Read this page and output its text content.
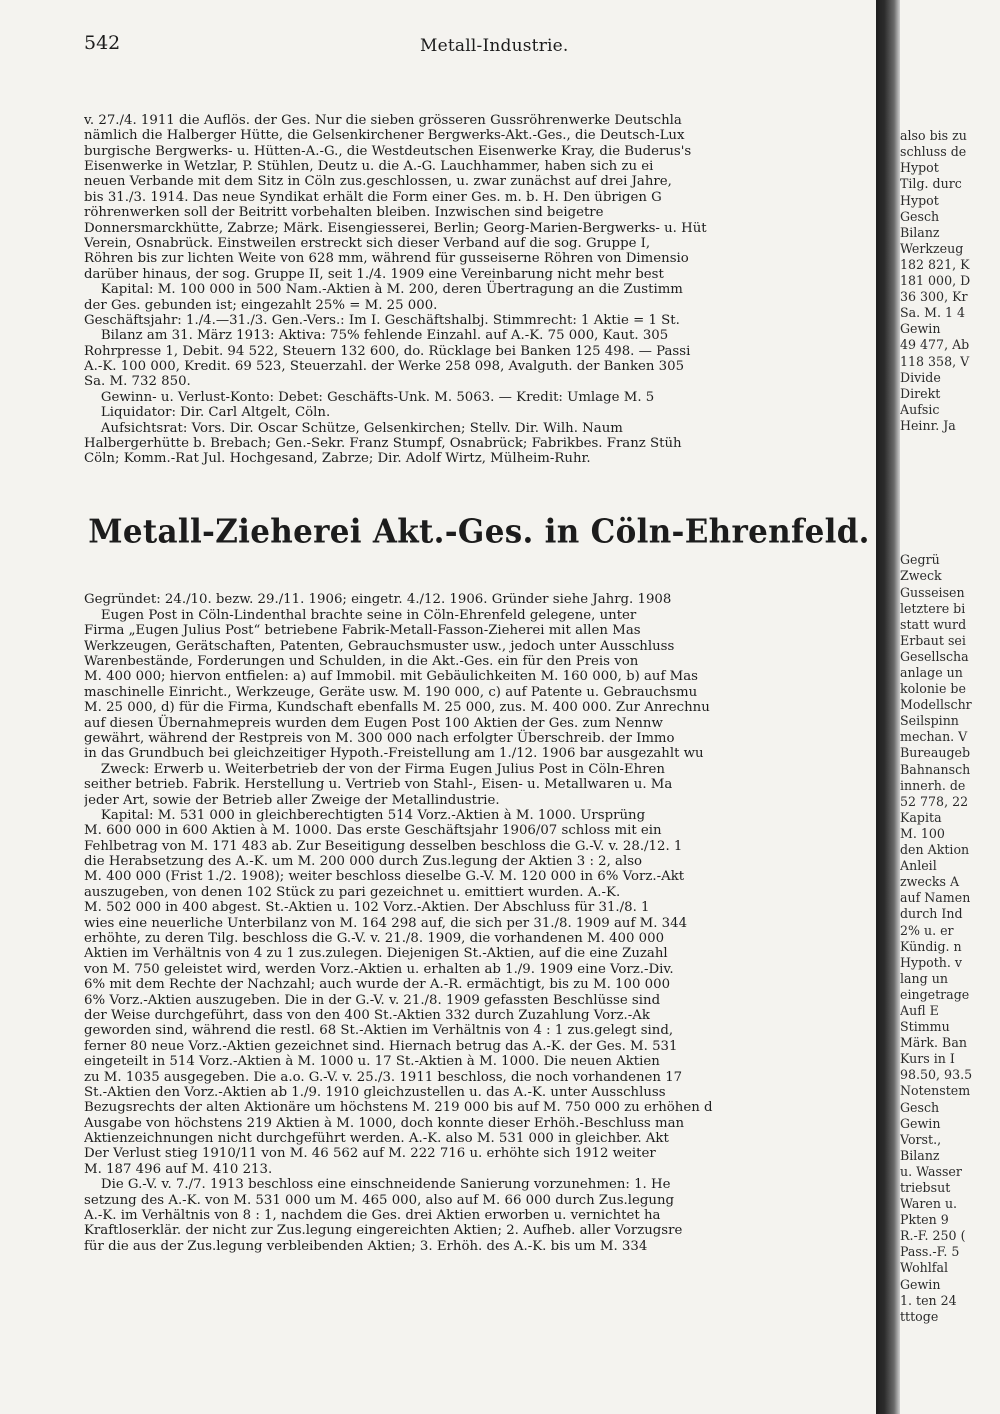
542	Metall-Industrie.

v. 27./4. 1911 die Auflös. der Ges. Nur die sieben grösseren Gussröhrenwerke Deutschla
nämlich die Halberger Hütte, die Gelsenkirchener Bergwerks-Akt.-Ges., die Deutsch-Lux
burgische Bergwerks- u. Hütten-A.-G., die Westdeutschen Eisenwerke Kray, die Buderus's
Eisenwerke in Wetzlar, P. Stühlen, Deutz u. die A.-G. Lauchhammer, haben sich zu ei
neuen Verbande mit dem Sitz in Cöln zus.geschlossen, u. zwar zunächst auf drei Jahre,
bis 31./3. 1914. Das neue Syndikat erhält die Form einer Ges. m. b. H. Den übrigen G
röhrenwerken soll der Beitritt vorbehalten bleiben. Inzwischen sind beigetre
Donnersmarckhütte, Zabrze; Märk. Eisengiesserei, Berlin; Georg-Marien-Bergwerks- u. Hüt
Verein, Osnabrück. Einstweilen erstreckt sich dieser Verband auf die sog. Gruppe I,
Röhren bis zur lichten Weite von 628 mm, während für gusseiserne Röhren von Dimensio
darüber hinaus, der sog. Gruppe II, seit 1./4. 1909 eine Vereinbarung nicht mehr best
Kapital: M. 100 000 in 500 Nam.-Aktien à M. 200, deren Übertragung an die Zustimm
der Ges. gebunden ist; eingezahlt 25% = M. 25 000.
Geschäftsjahr: 1./4.—31./3. Gen.-Vers.: Im I. Geschäftshalbj. Stimmrecht: 1 Aktie = 1 St.
Bilanz am 31. März 1913: Aktiva: 75% fehlende Einzahl. auf A.-K. 75 000, Kaut. 305
Rohrpresse 1, Debit. 94 522, Steuern 132 600, do. Rücklage bei Banken 125 498. — Passi
A.-K. 100 000, Kredit. 69 523, Steuerzahl. der Werke 258 098, Avalguth. der Banken 305
Sa. M. 732 850.
Gewinn- u. Verlust-Konto: Debet: Geschäfts-Unk. M. 5063. — Kredit: Umlage M. 5
Liquidator: Dir. Carl Altgelt, Cöln.
Aufsichtsrat: Vors. Dir. Oscar Schütze, Gelsenkirchen; Stellv. Dir. Wilh. Naum
Halbergerhütte b. Brebach; Gen.-Sekr. Franz Stumpf, Osnabrück; Fabrikbes. Franz Stüh
Cöln; Komm.-Rat Jul. Hochgesand, Zabrze; Dir. Adolf Wirtz, Mülheim-Ruhr.

Metall-Zieherei Akt.-Ges. in Cöln-Ehrenfeld.

Gegründet: 24./10. bezw. 29./11. 1906; eingetr. 4./12. 1906. Gründer siehe Jahrg. 1908
Eugen Post in Cöln-Lindenthal brachte seine in Cöln-Ehrenfeld gelegene, unter
Firma „Eugen Julius Post“ betriebene Fabrik-Metall-Fasson-Zieherei mit allen Mas
Werkzeugen, Gerätschaften, Patenten, Gebrauchsmuster usw., jedoch unter Ausschluss
Warenbestände, Forderungen und Schulden, in die Akt.-Ges. ein für den Preis von
M. 400 000; hiervon entfielen: a) auf Immobil. mit Gebäulichkeiten M. 160 000, b) auf Mas
maschinelle Einricht., Werkzeuge, Geräte usw. M. 190 000, c) auf Patente u. Gebrauchsmu
M. 25 000, d) für die Firma, Kundschaft ebenfalls M. 25 000, zus. M. 400 000. Zur Anrechnu
auf diesen Übernahmepreis wurden dem Eugen Post 100 Aktien der Ges. zum Nennw
gewährt, während der Restpreis von M. 300 000 nach erfolgter Überschreib. der Immo
in das Grundbuch bei gleichzeitiger Hypoth.-Freistellung am 1./12. 1906 bar ausgezahlt wu
Zweck: Erwerb u. Weiterbetrieb der von der Firma Eugen Julius Post in Cöln-Ehren
seither betrieb. Fabrik. Herstellung u. Vertrieb von Stahl-, Eisen- u. Metallwaren u. Ma
jeder Art, sowie der Betrieb aller Zweige der Metallindustrie.
Kapital: M. 531 000 in gleichberechtigten 514 Vorz.-Aktien à M. 1000. Ursprüng
M. 600 000 in 600 Aktien à M. 1000. Das erste Geschäftsjahr 1906/07 schloss mit ein
Fehlbetrag von M. 171 483 ab. Zur Beseitigung desselben beschloss die G.-V. v. 28./12. 1
die Herabsetzung des A.-K. um M. 200 000 durch Zus.legung der Aktien 3 : 2, also
M. 400 000 (Frist 1./2. 1908); weiter beschloss dieselbe G.-V. M. 120 000 in 6% Vorz.-Akt
auszugeben, von denen 102 Stück zu pari gezeichnet u. emittiert wurden. A.-K.
M. 502 000 in 400 abgest. St.-Aktien u. 102 Vorz.-Aktien. Der Abschluss für 31./8. 1
wies eine neuerliche Unterbilanz von M. 164 298 auf, die sich per 31./8. 1909 auf M. 344
erhöhte, zu deren Tilg. beschloss die G.-V. v. 21./8. 1909, die vorhandenen M. 400 000
Aktien im Verhältnis von 4 zu 1 zus.zulegen. Diejenigen St.-Aktien, auf die eine Zuzahl
von M. 750 geleistet wird, werden Vorz.-Aktien u. erhalten ab 1./9. 1909 eine Vorz.-Div.
6% mit dem Rechte der Nachzahl; auch wurde der A.-R. ermächtigt, bis zu M. 100 000
6% Vorz.-Aktien auszugeben. Die in der G.-V. v. 21./8. 1909 gefassten Beschlüsse sind
der Weise durchgeführt, dass von den 400 St.-Aktien 332 durch Zuzahlung Vorz.-Ak
geworden sind, während die restl. 68 St.-Aktien im Verhältnis von 4 : 1 zus.gelegt sind,
ferner 80 neue Vorz.-Aktien gezeichnet sind. Hiernach betrug das A.-K. der Ges. M. 531
eingeteilt in 514 Vorz.-Aktien à M. 1000 u. 17 St.-Aktien à M. 1000. Die neuen Aktien
zu M. 1035 ausgegeben. Die a.o. G.-V. v. 25./3. 1911 beschloss, die noch vorhandenen 17
St.-Aktien den Vorz.-Aktien ab 1./9. 1910 gleichzustellen u. das A.-K. unter Ausschluss
Bezugsrechts der alten Aktionäre um höchstens M. 219 000 bis auf M. 750 000 zu erhöhen d
Ausgabe von höchstens 219 Aktien à M. 1000, doch konnte dieser Erhöh.-Beschluss man
Aktienzeichnungen nicht durchgeführt werden. A.-K. also M. 531 000 in gleichber. Akt
Der Verlust stieg 1910/11 von M. 46 562 auf M. 222 716 u. erhöhte sich 1912 weiter
M. 187 496 auf M. 410 213.
Die G.-V. v. 7./7. 1913 beschloss eine einschneidende Sanierung vorzunehmen: 1. He
setzung des A.-K. von M. 531 000 um M. 465 000, also auf M. 66 000 durch Zus.legung
A.-K. im Verhältnis von 8 : 1, nachdem die Ges. drei Aktien erworben u. vernichtet ha
Kraftloserklär. der nicht zur Zus.legung eingereichten Aktien; 2. Aufheb. aller Vorzugsre
für die aus der Zus.legung verbleibenden Aktien; 3. Erhöh. des A.-K. bis um M. 334

also bis zu
schluss de
Hypot
Tilg. durc
Hypot
Gesch
Bilanz
Werkzeug
182 821, K
181 000, D
36 300, Kr
Sa. M. 1 4
Gewin
49 477, Ab
118 358, V
Divide
Direkt
Aufsic
Heinr. Ja

Gegrü
Zweck
Gusseisen
letztere bi
statt wurd
Erbaut sei
Gesellscha
anlage un
kolonie be
Modellschr
Seilspinn
mechan. V
Bureaugeb
Bahnansch
innerh. de
52 778, 22
Kapita
M. 100
den Aktion
Anleil
zwecks A
auf Namen
durch Ind
2% u. er
Kündig. n
Hypoth. v
lang un
eingetrage
Aufl E
Stimmu
Märk. Ban
Kurs in I
98.50, 93.5
Notenstem
Gesch
Gewin
Vorst.,
Bilanz
u. Wasser
triebsut
Waren u.
Pkten 9
R.-F. 250 (
Pass.-F. 5
Wohlfal
Gewin
1. ten 24
tttoge
